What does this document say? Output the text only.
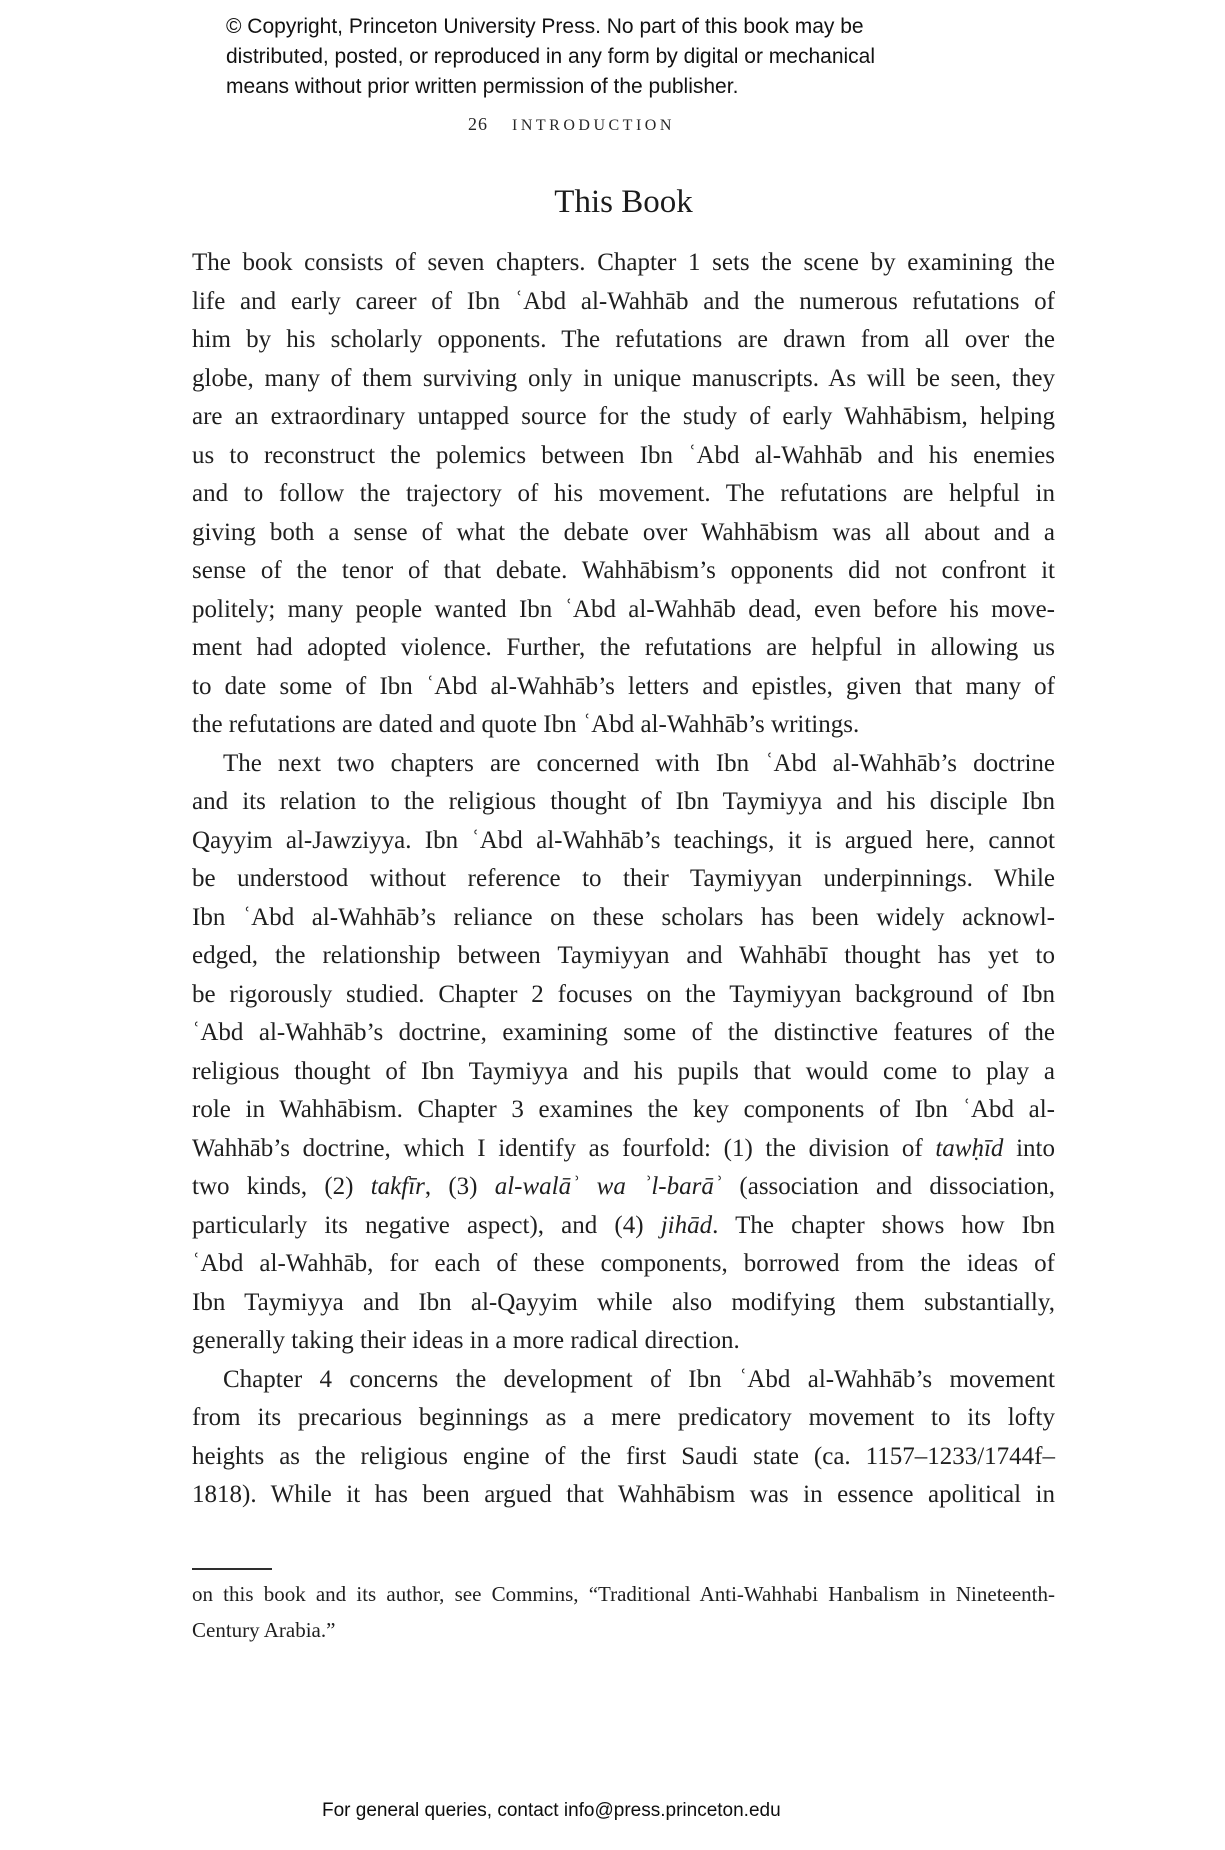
© Copyright, Princeton University Press. No part of this book may be
distributed, posted, or reproduced in any form by digital or mechanical
means without prior written permission of the publisher.
26 INTRODUCTION
This Book
The book consists of seven chapters. Chapter 1 sets the scene by examining the
life and early career of Ibn ʿAbd al-Wahhāb and the numerous refutations of
him by his scholarly opponents. The refutations are drawn from all over the
globe, many of them surviving only in unique manuscripts. As will be seen, they
are an extraordinary untapped source for the study of early Wahhābism, helping
us to reconstruct the polemics between Ibn ʿAbd al-Wahhāb and his enemies
and to follow the trajectory of his movement. The refutations are helpful in
giving both a sense of what the debate over Wahhābism was all about and a
sense of the tenor of that debate. Wahhābism’s opponents did not confront it
politely; many people wanted Ibn ʿAbd al-Wahhāb dead, even before his move-
ment had adopted violence. Further, the refutations are helpful in allowing us
to date some of Ibn ʿAbd al-Wahhāb’s letters and epistles, given that many of
the refutations are dated and quote Ibn ʿAbd al-Wahhāb’s writings.
The next two chapters are concerned with Ibn ʿAbd al-Wahhāb’s doctrine
and its relation to the religious thought of Ibn Taymiyya and his disciple Ibn
Qayyim al-Jawziyya. Ibn ʿAbd al-Wahhāb’s teachings, it is argued here, cannot
be understood without reference to their Taymiyyan underpinnings. While
Ibn ʿAbd al-Wahhāb’s reliance on these scholars has been widely acknowl-
edged, the relationship between Taymiyyan and Wahhābī thought has yet to
be rigorously studied. Chapter 2 focuses on the Taymiyyan background of Ibn
ʿAbd al-Wahhāb’s doctrine, examining some of the distinctive features of the
religious thought of Ibn Taymiyya and his pupils that would come to play a
role in Wahhābism. Chapter 3 examines the key components of Ibn ʿAbd al-
Wahhāb’s doctrine, which I identify as fourfold: (1) the division of tawḥīd into
two kinds, (2) takfīr, (3) al-walāʾ wa ʾl-barāʾ (association and dissociation,
particularly its negative aspect), and (4) jihād. The chapter shows how Ibn
ʿAbd al-Wahhāb, for each of these components, borrowed from the ideas of
Ibn Taymiyya and Ibn al-Qayyim while also modifying them substantially,
generally taking their ideas in a more radical direction.
Chapter 4 concerns the development of Ibn ʿAbd al-Wahhāb’s movement
from its precarious beginnings as a mere predicatory movement to its lofty
heights as the religious engine of the first Saudi state (ca. 1157–1233/1744f–
1818). While it has been argued that Wahhābism was in essence apolitical in
on this book and its author, see Commins, “Traditional Anti-Wahhabi Hanbalism in Nineteenth-
Century Arabia.”
For general queries, contact info@press.princeton.edu
